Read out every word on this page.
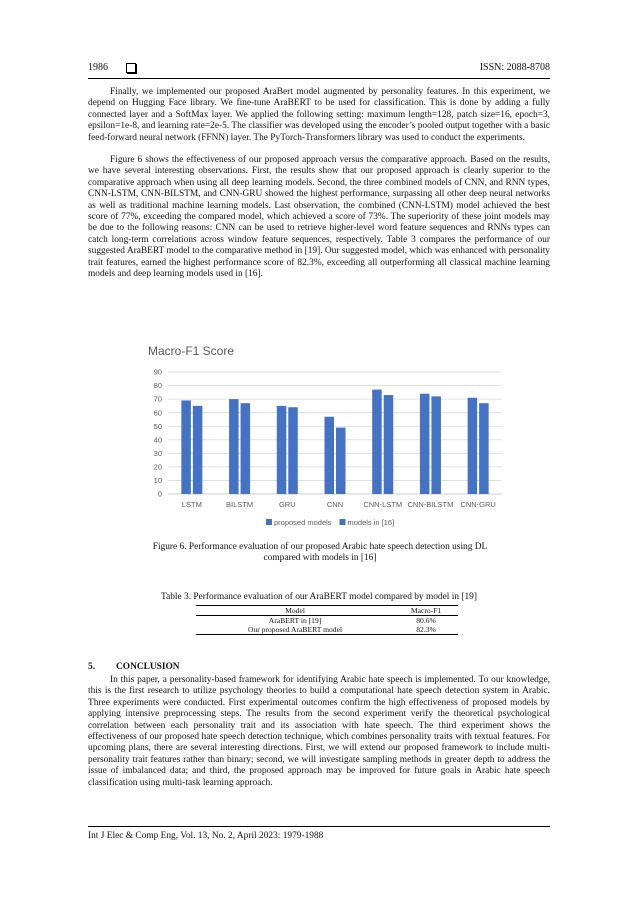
1986	ISSN: 2088-8708

Finally, we implemented our proposed AraBert model augmented by personality features. In this experiment, we depend on Hugging Face library. We fine-tune AraBERT to be used for classification. This is done by adding a fully connected layer and a SoftMax layer. We applied the following setting: maximum length=128, patch size=16, epoch=3, epsilon=1e-8, and learning rate=2e-5. The classifier was developed using the encoder’s pooled output together with a basic feed-forward neural network (FFNN) layer. The PyTorch-Transformers library was used to conduct the experiments.

Figure 6 shows the effectiveness of our proposed approach versus the comparative approach. Based on the results, we have several interesting observations. First, the results show that our proposed approach is clearly superior to the comparative approach when using all deep learning models. Second, the three combined models of CNN, and RNN types, CNN-LSTM, CNN-BILSTM, and CNN-GRU showed the highest performance, surpassing all other deep neural networks as well as traditional machine learning models. Last observation, the combined (CNN-LSTM) model achieved the best score of 77%, exceeding the compared model, which achieved a score of 73%. The superiority of these joint models may be due to the following reasons: CNN can be used to retrieve higher-level word feature sequences and RNNs types can catch long-term correlations across window feature sequences, respectively. Table 3 compares the performance of our suggested AraBERT model to the comparative method in [19]. Our suggested model, which was enhanced with personality trait features, earned the highest performance score of 82.3%, exceeding all outperforming all classical machine learning models and deep learning models used in [16].

Macro-F1 Score
0
10
20
30
40
50
60
70
80
90
LSTM	BILSTM	GRU	CNN	CNN-LSTM CNN-BILSTM CNN-GRU
proposed models models in [16]
Figure 6. Performance evaluation of our proposed Arabic hate speech detection using DL
compared with models in [16]
Table 3. Performance evaluation of our AraBERT model compared by model in [19]
Model	Macro-F1
AraBERT in [19]	80.6%
Our proposed AraBERT model	82.3%
5. CONCLUSION

In this paper, a personality-based framework for identifying Arabic hate speech is implemented. To our knowledge, this is the first research to utilize psychology theories to build a computational hate speech detection system in Arabic. Three experiments were conducted. First experimental outcomes confirm the high effectiveness of proposed models by applying intensive preprocessing steps. The results from the second experiment verify the theoretical psychological correlation between each personality trait and its association with hate speech. The third experiment shows the effectiveness of our proposed hate speech detection technique, which combines personality traits with textual features. For upcoming plans, there are several interesting directions. First, we will extend our proposed framework to include multi-personality trait features rather than binary; second, we will investigate sampling methods in greater depth to address the issue of imbalanced data; and third, the proposed approach may be improved for future goals in Arabic hate speech classification using multi-task learning approach.

Int J Elec & Comp Eng, Vol. 13, No. 2, April 2023: 1979-1988
